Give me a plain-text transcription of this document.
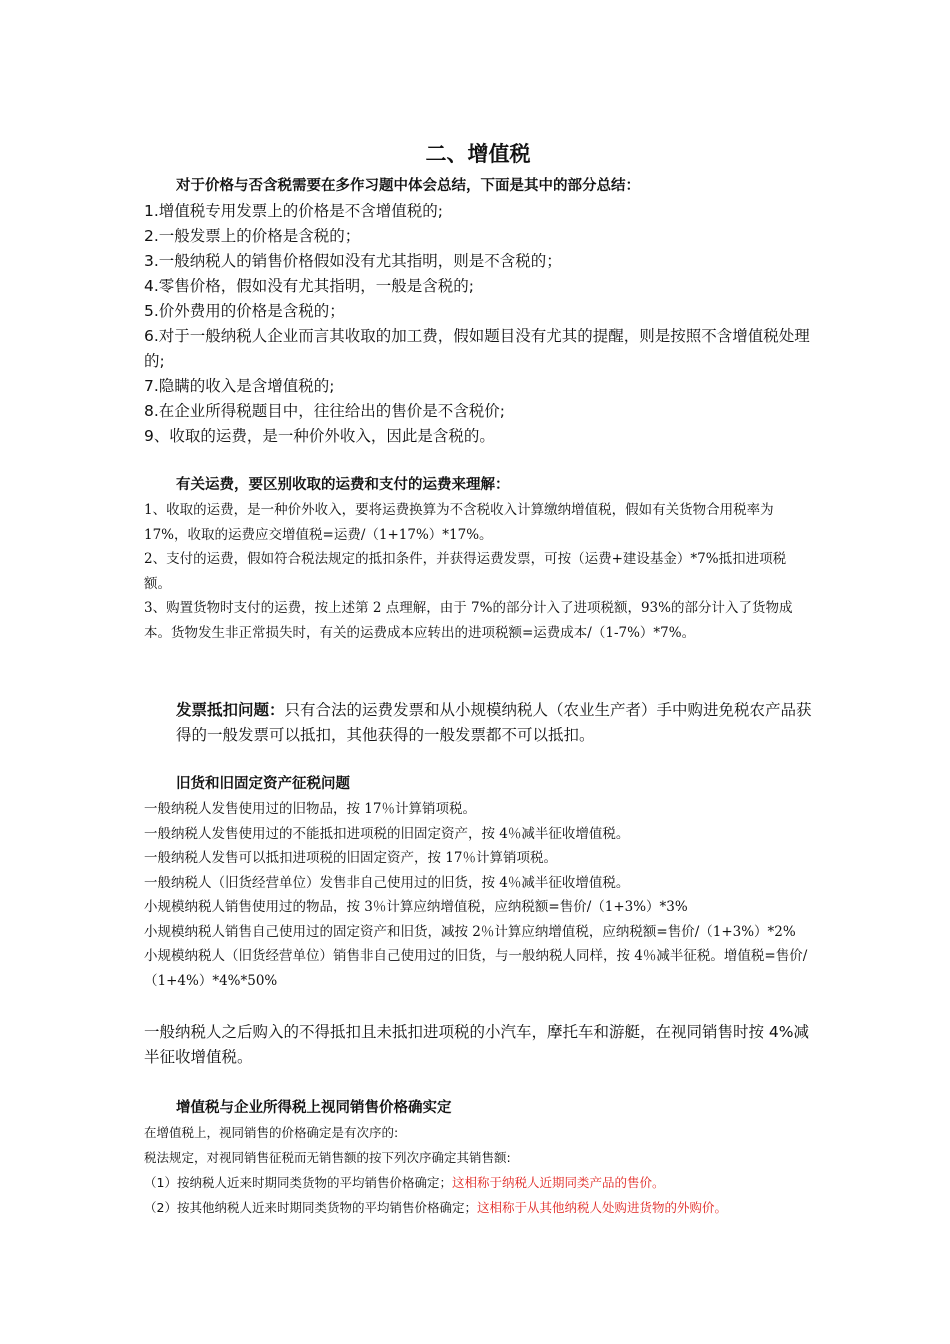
二、增值税

对于价格与否含税需要在多作习题中体会总结，下面是其中的部分总结：

1.增值税专用发票上的价格是不含增值税的;

2.一般发票上的价格是含税的；

3.一般纳税人的销售价格假如没有尤其指明，则是不含税的；

4.零售价格，假如没有尤其指明，一般是含税的;

5.价外费用的价格是含税的；

6.对于一般纳税人企业而言其收取的加工费，假如题目没有尤其的提醒，则是按照不含增值税处理的;

7.隐瞒的收入是含增值税的;

8.在企业所得税题目中，往往给出的售价是不含税价;

9、收取的运费，是一种价外收入，因此是含税的。

有关运费，要区别收取的运费和支付的运费来理解：

1、收取的运费，是一种价外收入，要将运费换算为不含税收入计算缴纳增值税，假如有关货物合用税率为 17%，收取的运费应交增值税=运费/（1+17%）*17%。

2、支付的运费，假如符合税法规定的抵扣条件，并获得运费发票，可按（运费+建设基金）*7%抵扣进项税额。

3、购置货物时支付的运费，按上述第 2 点理解，由于 7%的部分计入了进项税额，93%的部分计入了货物成本。货物发生非正常损失时，有关的运费成本应转出的进项税额=运费成本/（1-7%）*7%。

发票抵扣问题：只有合法的运费发票和从小规模纳税人（农业生产者）手中购进免税农产品获得的一般发票可以抵扣，其他获得的一般发票都不可以抵扣。

旧货和旧固定资产征税问题

一般纳税人发售使用过的旧物品，按 17％计算销项税。

一般纳税人发售使用过的不能抵扣进项税的旧固定资产，按 4％减半征收增值税。

一般纳税人发售可以抵扣进项税的旧固定资产，按 17％计算销项税。

一般纳税人（旧货经营单位）发售非自己使用过的旧货，按 4％减半征收增值税。

小规模纳税人销售使用过的物品，按 3％计算应纳增值税，应纳税额=售价/（1+3%）*3%

小规模纳税人销售自己使用过的固定资产和旧货，减按 2％计算应纳增值税，应纳税额=售价/（1+3%）*2%

小规模纳税人（旧货经营单位）销售非自己使用过的旧货，与一般纳税人同样，按 4％减半征税。增值税=售价/（1+4%）*4%*50%

一般纳税人之后购入的不得抵扣且未抵扣进项税的小汽车，摩托车和游艇，在视同销售时按 4%减半征收增值税。

增值税与企业所得税上视同销售价格确实定

在增值税上，视同销售的价格确定是有次序的:

税法规定，对视同销售征税而无销售额的按下列次序确定其销售额:

（1）按纳税人近来时期同类货物的平均销售价格确定；这相称于纳税人近期同类产品的售价。

（2）按其他纳税人近来时期同类货物的平均销售价格确定；这相称于从其他纳税人处购进货物的外购价。
